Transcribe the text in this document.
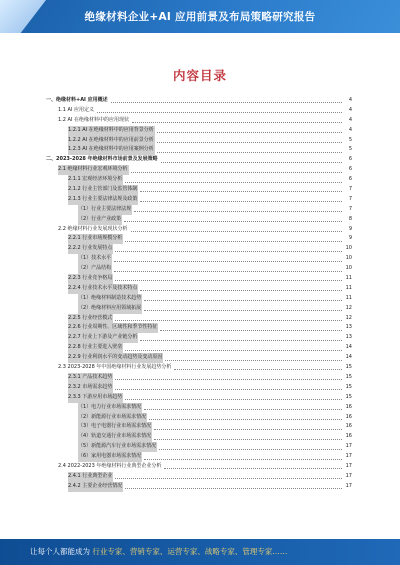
绝缘材料企业+AI 应用前景及布局策略研究报告
内容目录
一、绝缘材料+AI 应用概述	4
1.1 AI 应用定义	4
1.2 AI 在绝缘材料中的应用现状	4
1.2.1 AI 在绝缘材料中的应用背景分析	4
1.2.2 AI 在绝缘材料中的应用前景分析	5
1.2.3 AI 在绝缘材料中的应用案例分析	5
二、2023-2028 年绝缘材料市场前景及发展策略	6
2.1 绝缘材料行业宏观环境分析	6
2.1.1 宏观经济环境分析	6
2.1.2 行业主管部门及监管体制	7
2.1.3 行业主要法律法规及政策	7
（1）行业主要法律法规	7
（2）行业产业政策	8
2.2 绝缘材料行业发展现状分析	9
2.2.1 行业市场规模分析	9
2.2.2 行业发展特点	10
（1）技术水平	10
（2）产品结构	10
2.2.3 行业竞争格局	11
2.2.4 行业技术水平及技术特点	11
（1）绝缘材料制造技术趋势	11
（2）绝缘材料应用领域拓展	12
2.2.5 行业经营模式	12
2.2.6 行业周期性、区域性和季节性特征	13
2.2.7 行业上下游及产业链分析	13
2.2.8 行业主要进入壁垒	14
2.2.9 行业利润水平的变动趋势及变动原因	14
2.3 2023-2028 年中国绝缘材料行业发展趋势分析	15
2.3.1 产品技术趋势	15
2.3.2 市场需求趋势	15
2.3.3 下游应用市场趋势	15
（1）电力行业市场需求情况	16
（2）新能源行业市场需求情况	16
（3）电子电器行业市场需求情况	16
（4）轨道交通行业市场需求情况	16
（5）新能源汽车行业市场需求情况	17
（6）家用电器市场需求情况	17
2.4 2022-2023 年绝缘材料行业典型企业分析	17
2.4.1 行业典型企业	17
2.4.2 主要企业经营情况	17
让每个人都能成为 行业专家、营销专家、运营专家、战略专家、管理专家……
